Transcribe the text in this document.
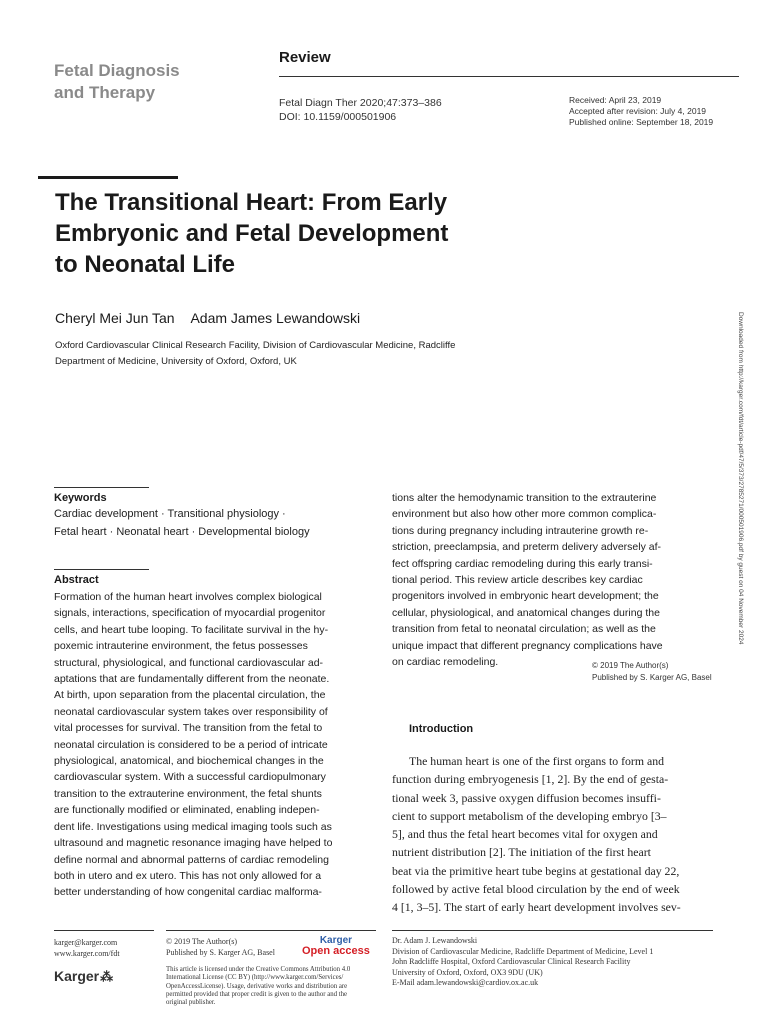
Fetal Diagnosis
and Therapy
Review
Fetal Diagn Ther 2020;47:373–386
DOI: 10.1159/000501906
Received: April 23, 2019
Accepted after revision: July 4, 2019
Published online: September 18, 2019
The Transitional Heart: From Early
Embryonic and Fetal Development
to Neonatal Life
Cheryl Mei Jun Tan Adam James Lewandowski
Oxford Cardiovascular Clinical Research Facility, Division of Cardiovascular Medicine, Radcliffe
Department of Medicine, University of Oxford, Oxford, UK	Downloaded from http://karger.com/fdt/article-pdf/47/5/373/2785271/000501906.pdf by guest on 04 November 2024
Keywords
Cardiac development · Transitional physiology ·
Fetal heart · Neonatal heart · Developmental biology
Abstract
Formation of the human heart involves complex biological
signals, interactions, specification of myocardial progenitor
cells, and heart tube looping. To facilitate survival in the hy-
poxemic intrauterine environment, the fetus possesses
structural, physiological, and functional cardiovascular ad-
aptations that are fundamentally different from the neonate.
At birth, upon separation from the placental circulation, the
neonatal cardiovascular system takes over responsibility of
vital processes for survival. The transition from the fetal to
neonatal circulation is considered to be a period of intricate
physiological, anatomical, and biochemical changes in the
cardiovascular system. With a successful cardiopulmonary
transition to the extrauterine environment, the fetal shunts
are functionally modified or eliminated, enabling indepen-
dent life. Investigations using medical imaging tools such as
ultrasound and magnetic resonance imaging have helped to
define normal and abnormal patterns of cardiac remodeling
both in utero and ex utero. This has not only allowed for a
better understanding of how congenital cardiac malforma-
tions alter the hemodynamic transition to the extrauterine
environment but also how other more common complica-
tions during pregnancy including intrauterine growth re-
striction, preeclampsia, and preterm delivery adversely af-
fect offspring cardiac remodeling during this early transi-
tional period. This review article describes key cardiac
progenitors involved in embryonic heart development; the
cellular, physiological, and anatomical changes during the
transition from fetal to neonatal circulation; as well as the
unique impact that different pregnancy complications have
on cardiac remodeling.	© 2019 The Author(s)
Published by S. Karger AG, Basel
Introduction
The human heart is one of the first organs to form and
function during embryogenesis [1, 2]. By the end of gesta-
tional week 3, passive oxygen diffusion becomes insuffi-
cient to support metabolism of the developing embryo [3–
5], and thus the fetal heart becomes vital for oxygen and
nutrient distribution [2]. The initiation of the first heart
beat via the primitive heart tube begins at gestational day 22,
followed by active fetal blood circulation by the end of week
4 [1, 3–5]. The start of early heart development involves sev-
karger@karger.com
www.karger.com/fdt
Karger⁂
© 2019 The Author(s)
Published by S. Karger AG, Basel
Karger
Open access
This article is licensed under the Creative Commons Attribution 4.0
International License (CC BY) (http://www.karger.com/Services/
OpenAccessLicense). Usage, derivative works and distribution are
permitted provided that proper credit is given to the author and the
original publisher.
Dr. Adam J. Lewandowski
Division of Cardiovascular Medicine, Radcliffe Department of Medicine, Level 1
John Radcliffe Hospital, Oxford Cardiovascular Clinical Research Facility
University of Oxford, Oxford, OX3 9DU (UK)
E-Mail adam.lewandowski@cardiov.ox.ac.uk
